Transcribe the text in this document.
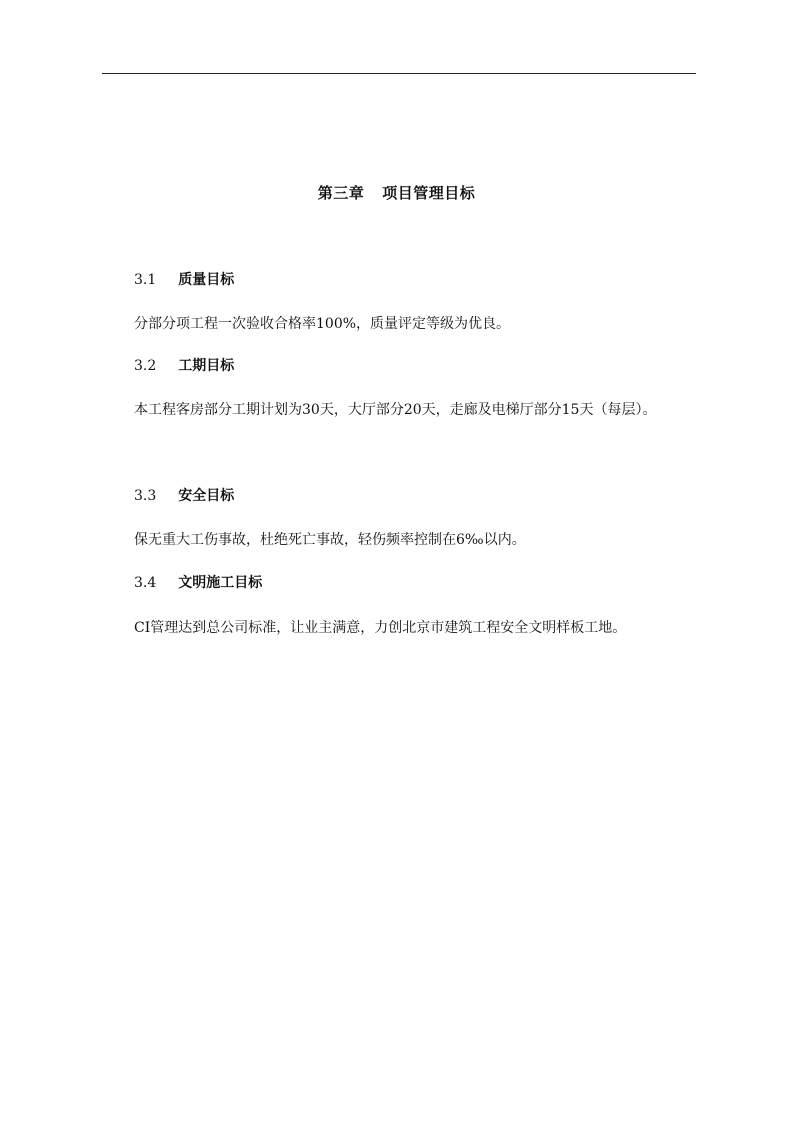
第三章 项目管理目标
3.1 质量目标
分部分项工程一次验收合格率100%，质量评定等级为优良。
3.2 工期目标
本工程客房部分工期计划为30天，大厅部分20天，走廊及电梯厅部分15天（每层）。
3.3 安全目标
保无重大工伤事故，杜绝死亡事故，轻伤频率控制在6‰以内。
3.4 文明施工目标
CI管理达到总公司标准，让业主满意，力创北京市建筑工程安全文明样板工地。
